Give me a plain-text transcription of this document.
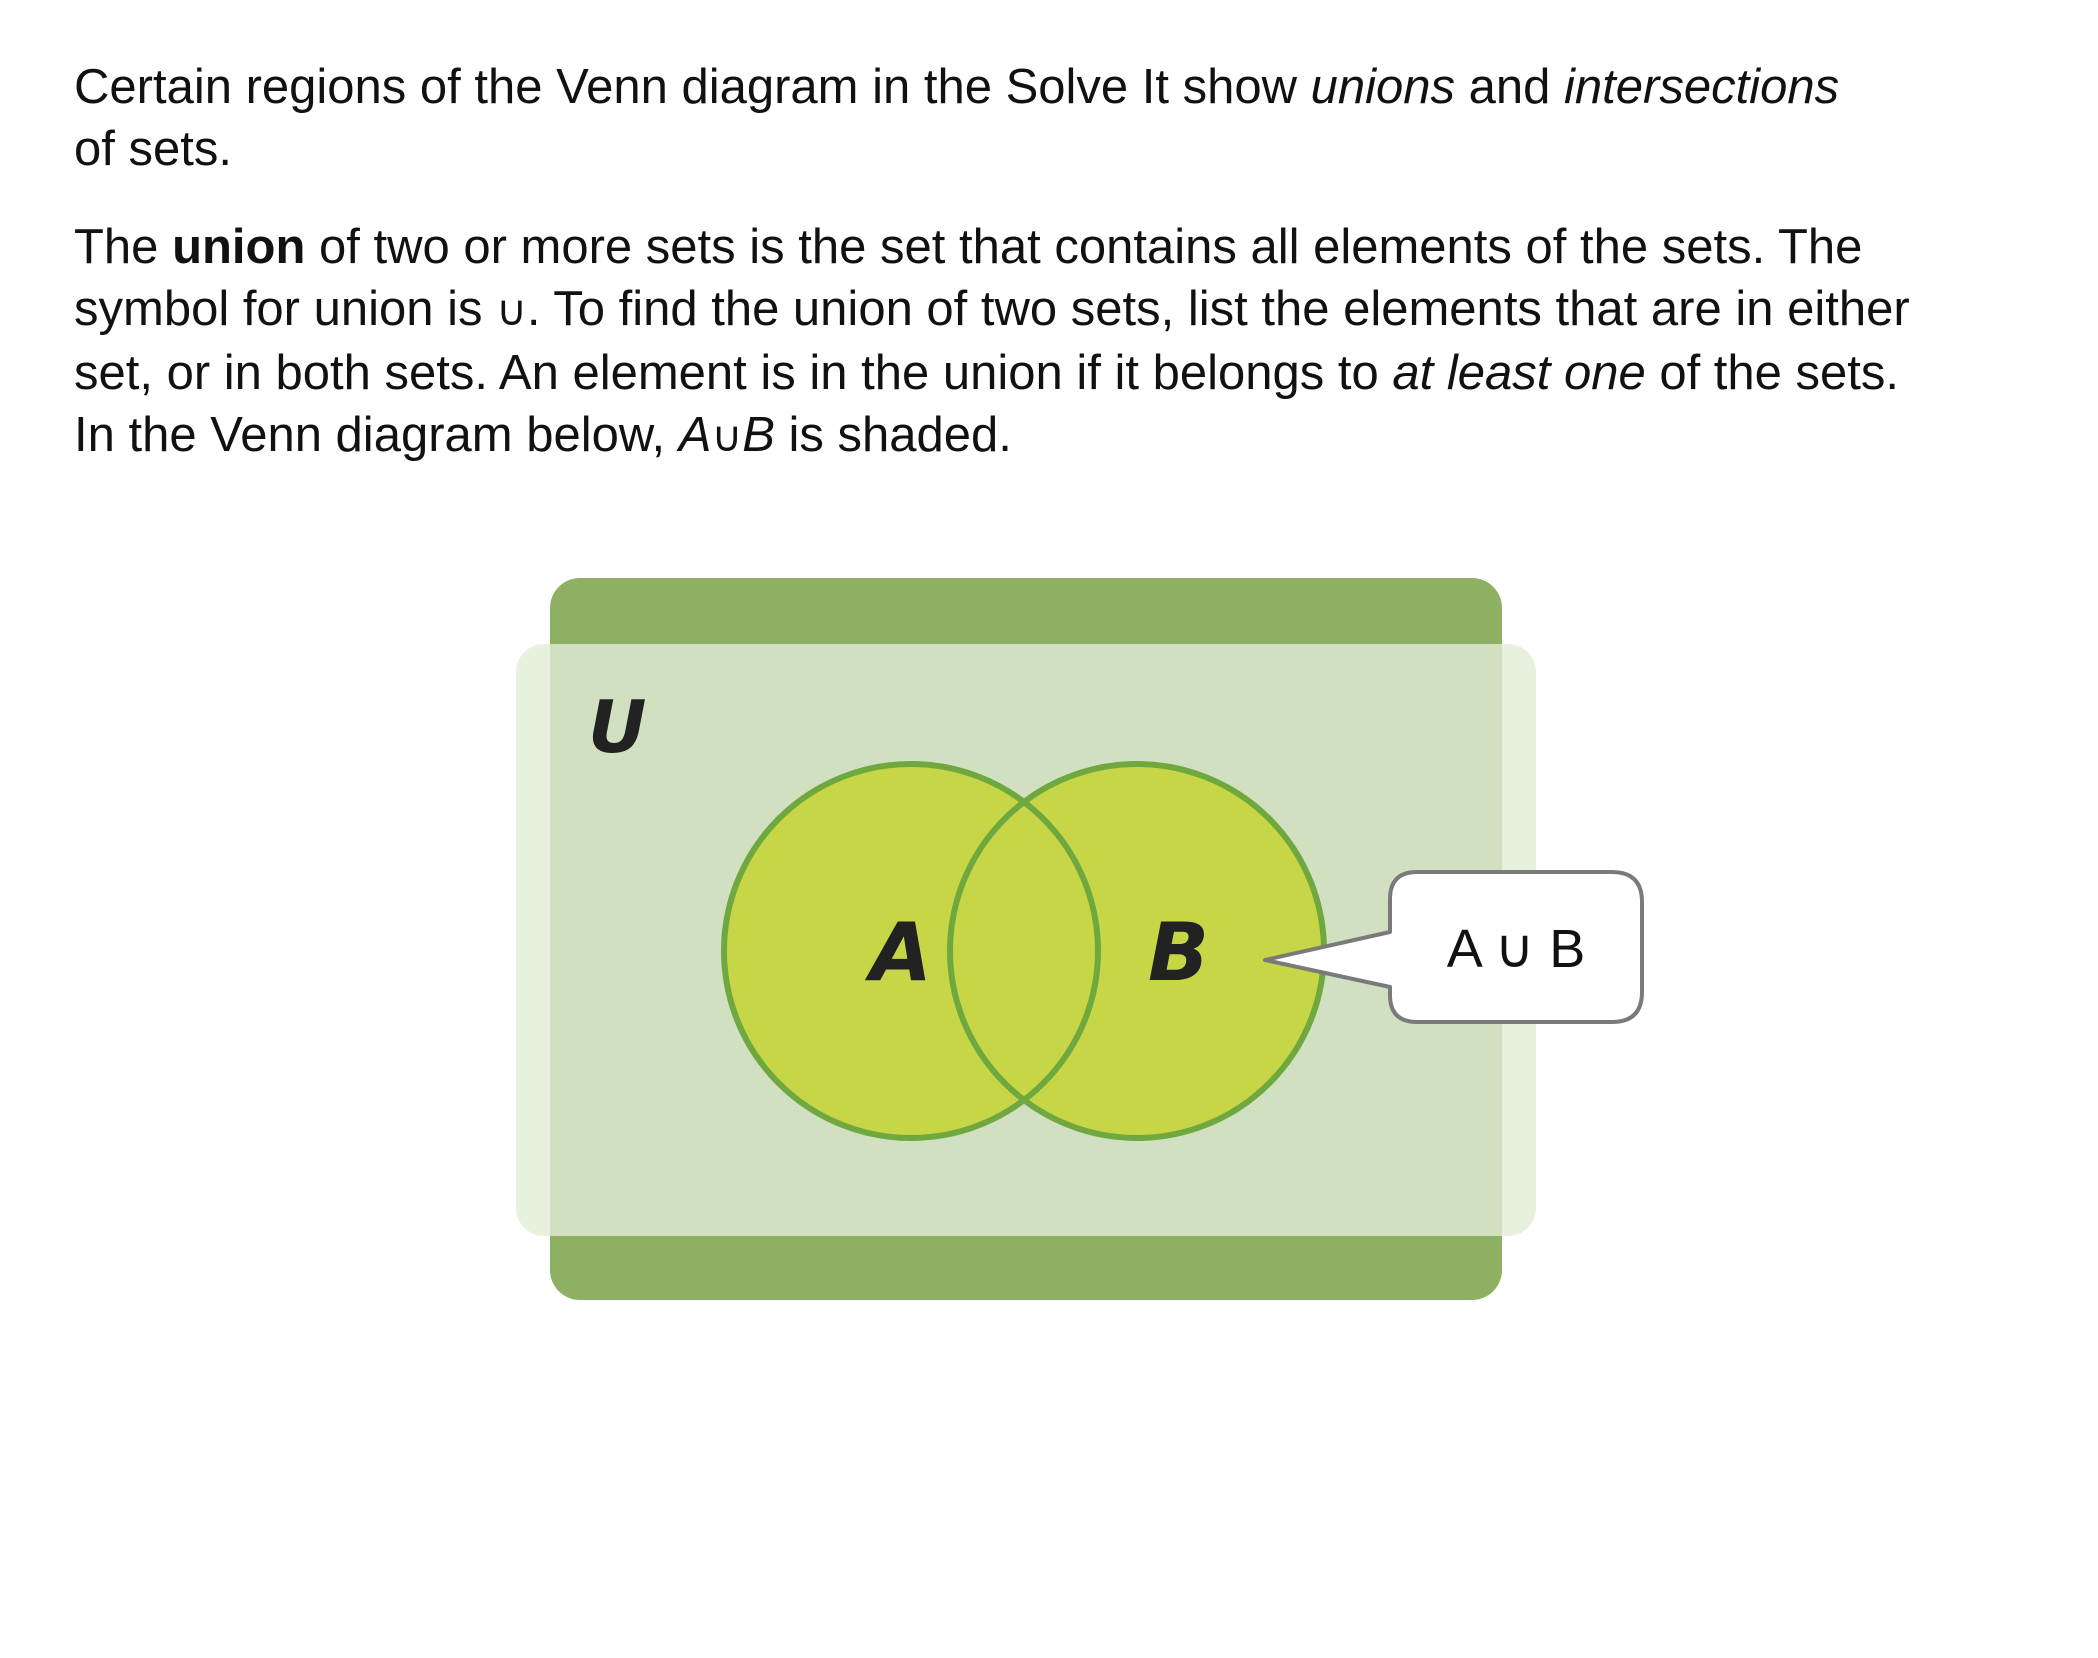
Certain regions of the Venn diagram in the Solve It show unions and intersections
of sets.

The union of two or more sets is the set that contains all elements of the sets. The
symbol for union is ∪. To find the union of two sets, list the elements that are in either
set, or in both sets. An element is in the union if it belongs to at least one of the sets.
In the Venn diagram below, A∪B is shaded.

U
A	B	A ∪ B
